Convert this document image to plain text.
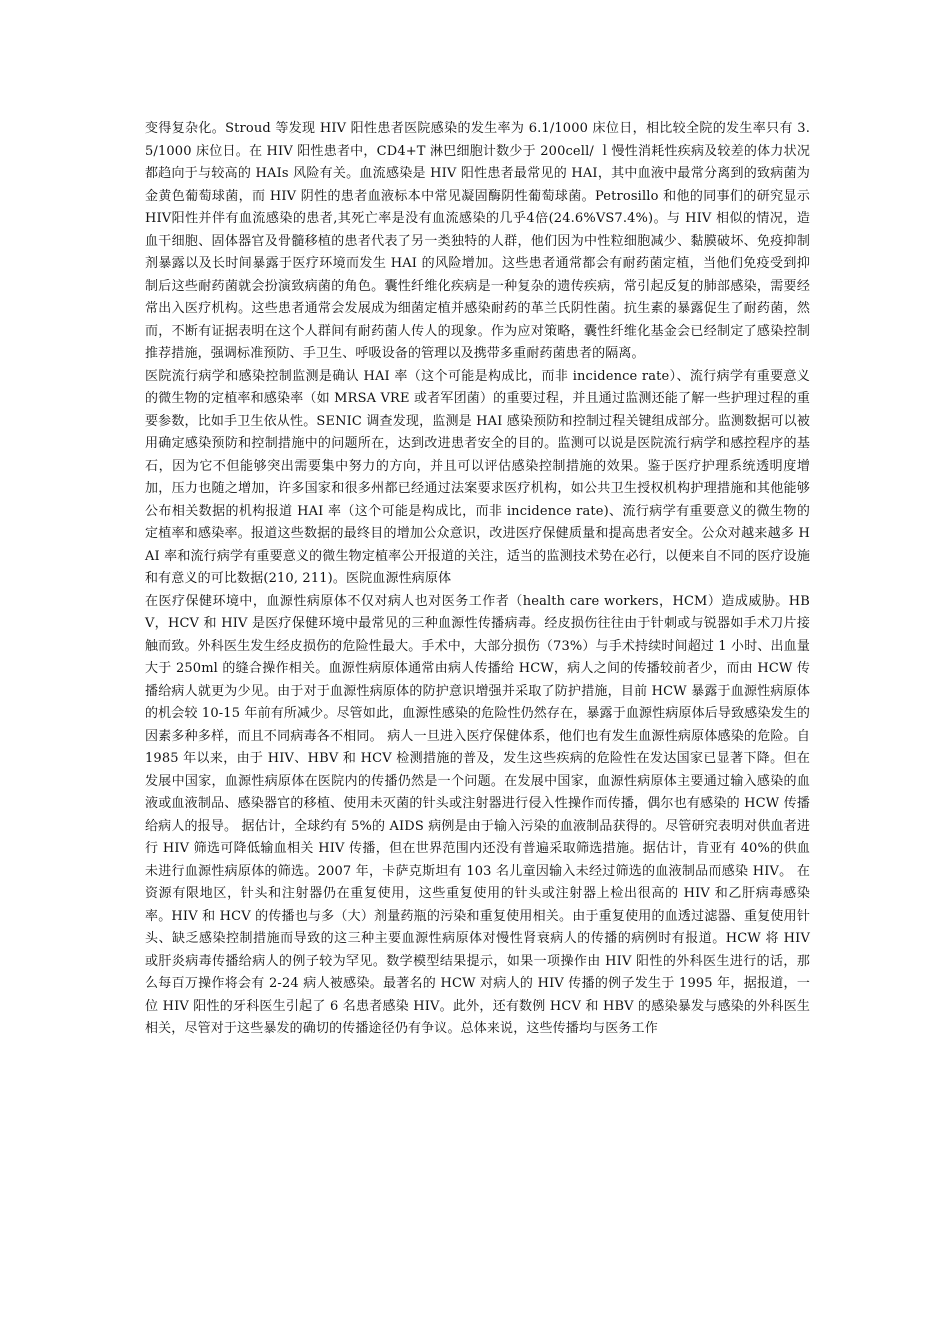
变得复杂化。Stroud 等发现 HIV 阳性患者医院感染的发生率为 6.1/1000 床位日，相比较全院的发生率只有 3.5/1000 床位日。在 HIV 阳性患者中，CD4+T 淋巴细胞计数少于 200cell/ ｌ慢性消耗性疾病及较差的体力状况都趋向于与较高的 HAIs 风险有关。血流感染是 HIV 阳性患者最常见的 HAI，其中血液中最常分离到的致病菌为金黄色葡萄球菌，而 HIV 阴性的患者血液标本中常见凝固酶阴性葡萄球菌。Petrosillo 和他的同事们的研究显示HIV阳性并伴有血流感染的患者,其死亡率是没有血流感染的几乎4倍(24.6%VS7.4%)。与 HIV 相似的情况，造血干细胞、固体器官及骨髓移植的患者代表了另一类独特的人群，他们因为中性粒细胞减少、黏膜破坏、免疫抑制剂暴露以及长时间暴露于医疗环境而发生 HAI 的风险增加。这些患者通常都会有耐药菌定植，当他们免疫受到抑制后这些耐药菌就会扮演致病菌的角色。囊性纤维化疾病是一种复杂的遗传疾病，常引起反复的肺部感染，需要经常出入医疗机构。这些患者通常会发展成为细菌定植并感染耐药的革兰氏阴性菌。抗生素的暴露促生了耐药菌，然而，不断有证据表明在这个人群间有耐药菌人传人的现象。作为应对策略，囊性纤维化基金会已经制定了感染控制推荐措施，强调标准预防、手卫生、呼吸设备的管理以及携带多重耐药菌患者的隔离。

医院流行病学和感染控制监测是确认 HAI 率（这个可能是构成比，而非 incidence rate）、流行病学有重要意义的微生物的定植率和感染率（如 MRSA VRE 或者军团菌）的重要过程，并且通过监测还能了解一些护理过程的重要参数，比如手卫生依从性。SENIC 调查发现，监测是 HAI 感染预防和控制过程关键组成部分。监测数据可以被用确定感染预防和控制措施中的问题所在，达到改进患者安全的目的。监测可以说是医院流行病学和感控程序的基石，因为它不但能够突出需要集中努力的方向，并且可以评估感染控制措施的效果。鉴于医疗护理系统透明度增加，压力也随之增加，许多国家和很多州都已经通过法案要求医疗机构，如公共卫生授权机构护理措施和其他能够公布相关数据的机构报道 HAI 率（这个可能是构成比，而非 incidence rate)、流行病学有重要意义的微生物的定植率和感染率。报道这些数据的最终目的增加公众意识，改进医疗保健质量和提高患者安全。公众对越来越多 HAI 率和流行病学有重要意义的微生物定植率公开报道的关注，适当的监测技术势在必行，以便来自不同的医疗设施和有意义的可比数据(210, 211)。医院血源性病原体

在医疗保健环境中，血源性病原体不仅对病人也对医务工作者（health care workers，HCM）造成威胁。HBV，HCV 和 HIV 是医疗保健环境中最常见的三种血源性传播病毒。经皮损伤往往由于针刺或与锐器如手术刀片接触而致。外科医生发生经皮损伤的危险性最大。手术中，大部分损伤（73%）与手术持续时间超过 1 小时、出血量大于 250ml 的缝合操作相关。血源性病原体通常由病人传播给 HCW，病人之间的传播较前者少，而由 HCW 传播给病人就更为少见。由于对于血源性病原体的防护意识增强并采取了防护措施，目前 HCW 暴露于血源性病原体的机会较 10-15 年前有所减少。尽管如此，血源性感染的危险性仍然存在，暴露于血源性病原体后导致感染发生的因素多种多样，而且不同病毒各不相同。 病人一旦进入医疗保健体系，他们也有发生血源性病原体感染的危险。自 1985 年以来，由于 HIV、HBV 和 HCV 检测措施的普及，发生这些疾病的危险性在发达国家已显著下降。但在发展中国家，血源性病原体在医院内的传播仍然是一个问题。在发展中国家，血源性病原体主要通过输入感染的血液或血液制品、感染器官的移植、使用未灭菌的针头或注射器进行侵入性操作而传播，偶尔也有感染的 HCW 传播给病人的报导。 据估计，全球约有 5%的 AIDS 病例是由于输入污染的血液制品获得的。尽管研究表明对供血者进行 HIV 筛选可降低输血相关 HIV 传播，但在世界范围内还没有普遍采取筛选措施。据估计，肯亚有 40%的供血未进行血源性病原体的筛选。2007 年，卡萨克斯坦有 103 名儿童因输入未经过筛选的血液制品而感染 HIV。 在资源有限地区，针头和注射器仍在重复使用，这些重复使用的针头或注射器上检出很高的 HIV 和乙肝病毒感染率。HIV 和 HCV 的传播也与多（大）剂量药瓶的污染和重复使用相关。由于重复使用的血透过滤器、重复使用针头、缺乏感染控制措施而导致的这三种主要血源性病原体对慢性肾衰病人的传播的病例时有报道。HCW 将 HIV 或肝炎病毒传播给病人的例子较为罕见。数学模型结果提示，如果一项操作由 HIV 阳性的外科医生进行的话，那么每百万操作将会有 2-24 病人被感染。最著名的 HCW 对病人的 HIV 传播的例子发生于 1995 年，据报道，一位 HIV 阳性的牙科医生引起了 6 名患者感染 HIV。此外，还有数例 HCV 和 HBV 的感染暴发与感染的外科医生相关，尽管对于这些暴发的确切的传播途径仍有争议。总体来说，这些传播均与医务工作
